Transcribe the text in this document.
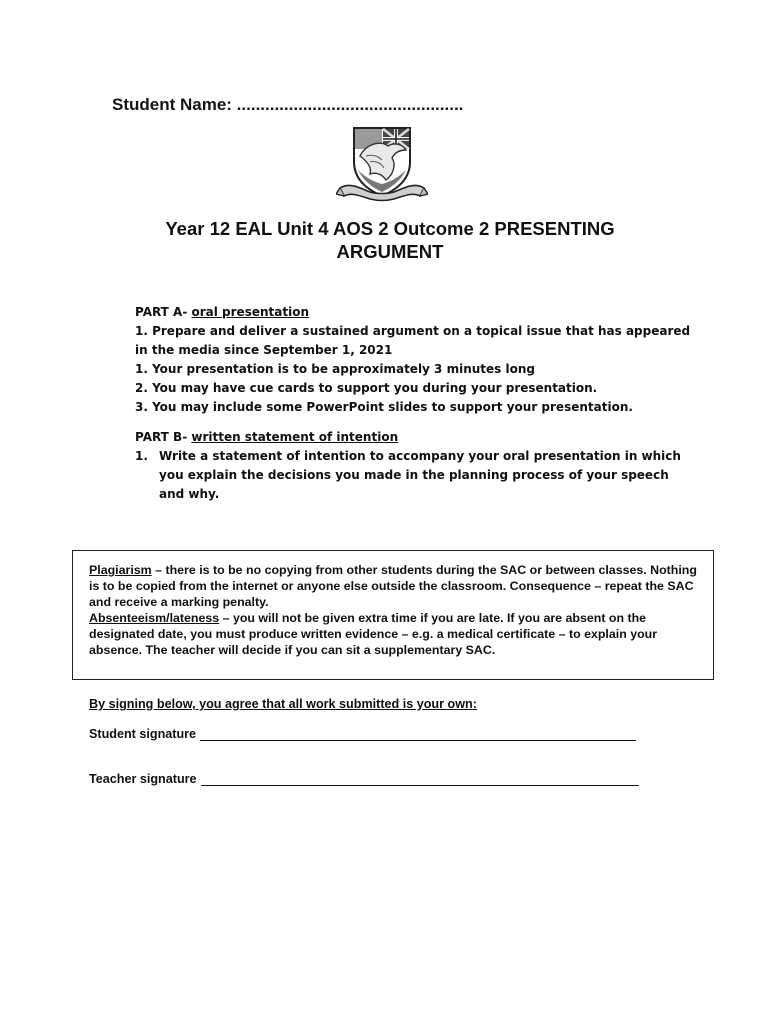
Student Name: ................................................
Year 12 EAL Unit 4 AOS 2 Outcome 2 PRESENTING
ARGUMENT
PART A- oral presentation
1. Prepare and deliver a sustained argument on a topical issue that has appeared in the media since September 1, 2021
1. Your presentation is to be approximately 3 minutes long
2. You may have cue cards to support you during your presentation.
3. You may include some PowerPoint slides to support your presentation.
PART B- written statement of intention
1. Write a statement of intention to accompany your oral presentation in which you explain the decisions you made in the planning process of your speech and why.

Plagiarism – there is to be no copying from other students during the SAC or between classes. Nothing is to be copied from the internet or anyone else outside the classroom. Consequence – repeat the SAC and receive a marking penalty.

Absenteeism/lateness – you will not be given extra time if you are late. If you are absent on the designated date, you must produce written evidence – e.g. a medical certificate – to explain your absence. The teacher will decide if you can sit a supplementary SAC.

By signing below, you agree that all work submitted is your own:
Student signature
Teacher signature
